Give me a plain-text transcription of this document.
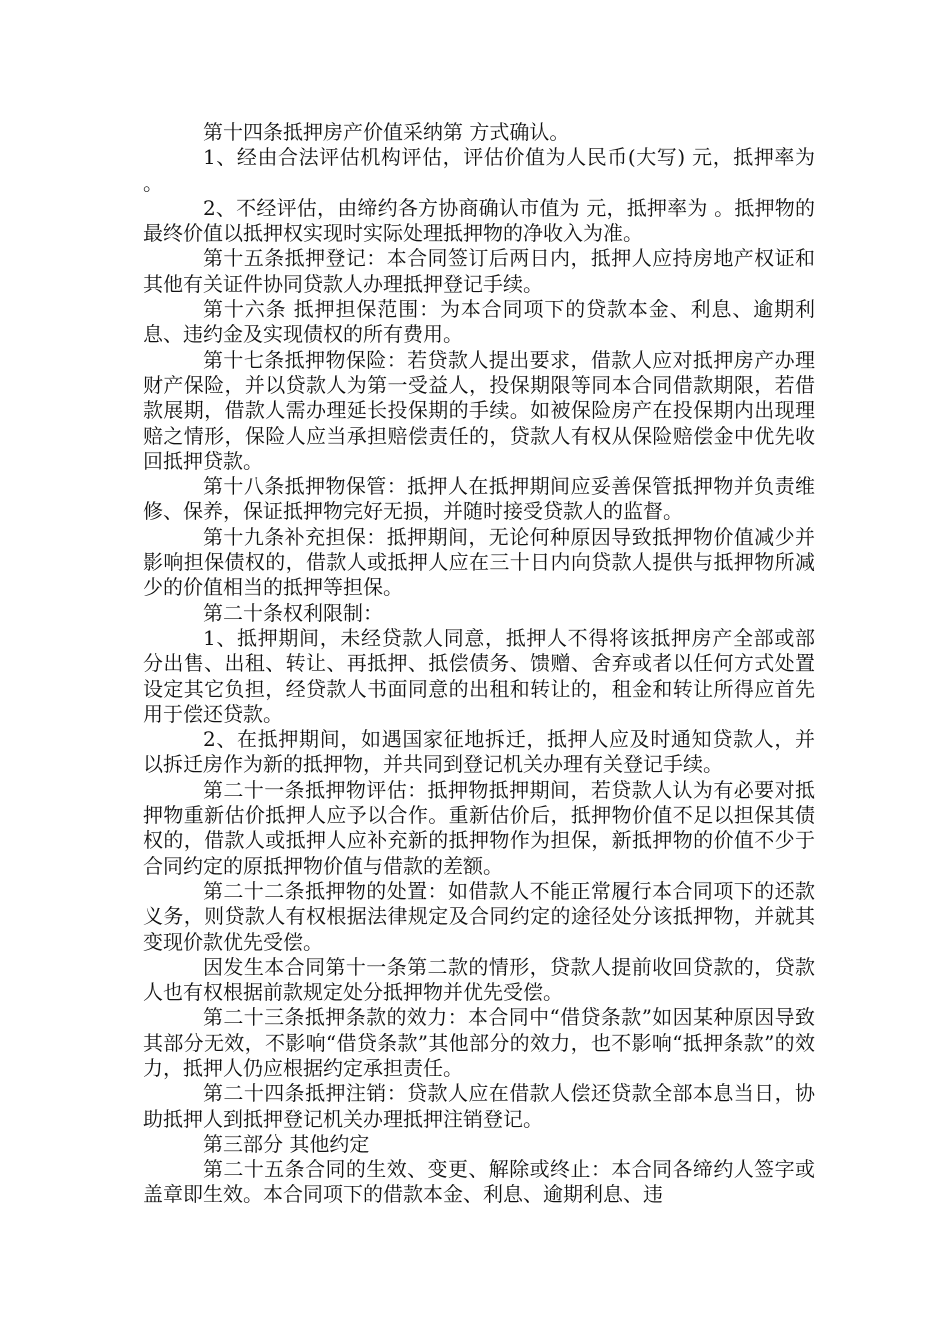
第十四条抵押房产价值采纳第 方式确认。

1、经由合法评估机构评估，评估价值为人民币(大写) 元，抵押率为 。

2、不经评估，由缔约各方协商确认市值为 元，抵押率为 。抵押物的最终价值以抵押权实现时实际处理抵押物的净收入为准。

第十五条抵押登记：本合同签订后两日内，抵押人应持房地产权证和其他有关证件协同贷款人办理抵押登记手续。

第十六条 抵押担保范围：为本合同项下的贷款本金、利息、逾期利息、违约金及实现债权的所有费用。

第十七条抵押物保险：若贷款人提出要求，借款人应对抵押房产办理财产保险，并以贷款人为第一受益人，投保期限等同本合同借款期限，若借款展期，借款人需办理延长投保期的手续。如被保险房产在投保期内出现理赔之情形，保险人应当承担赔偿责任的，贷款人有权从保险赔偿金中优先收回抵押贷款。

第十八条抵押物保管：抵押人在抵押期间应妥善保管抵押物并负责维修、保养，保证抵押物完好无损，并随时接受贷款人的监督。

第十九条补充担保：抵押期间，无论何种原因导致抵押物价值减少并影响担保债权的，借款人或抵押人应在三十日内向贷款人提供与抵押物所减少的价值相当的抵押等担保。

第二十条权利限制：

1、抵押期间，未经贷款人同意，抵押人不得将该抵押房产全部或部分出售、出租、转让、再抵押、抵偿债务、馈赠、舍弃或者以任何方式处置设定其它负担，经贷款人书面同意的出租和转让的，租金和转让所得应首先用于偿还贷款。

2、在抵押期间，如遇国家征地拆迁，抵押人应及时通知贷款人，并以拆迁房作为新的抵押物，并共同到登记机关办理有关登记手续。

第二十一条抵押物评估：抵押物抵押期间，若贷款人认为有必要对抵押物重新估价抵押人应予以合作。重新估价后，抵押物价值不足以担保其债权的，借款人或抵押人应补充新的抵押物作为担保，新抵押物的价值不少于合同约定的原抵押物价值与借款的差额。

第二十二条抵押物的处置：如借款人不能正常履行本合同项下的还款义务，则贷款人有权根据法律规定及合同约定的途径处分该抵押物，并就其变现价款优先受偿。

因发生本合同第十一条第二款的情形，贷款人提前收回贷款的，贷款人也有权根据前款规定处分抵押物并优先受偿。

第二十三条抵押条款的效力：本合同中“借贷条款”如因某种原因导致其部分无效，不影响“借贷条款”其他部分的效力，也不影响“抵押条款”的效力，抵押人仍应根据约定承担责任。

第二十四条抵押注销：贷款人应在借款人偿还贷款全部本息当日，协助抵押人到抵押登记机关办理抵押注销登记。

第三部分 其他约定

第二十五条合同的生效、变更、解除或终止：本合同各缔约人签字或盖章即生效。本合同项下的借款本金、利息、逾期利息、违
